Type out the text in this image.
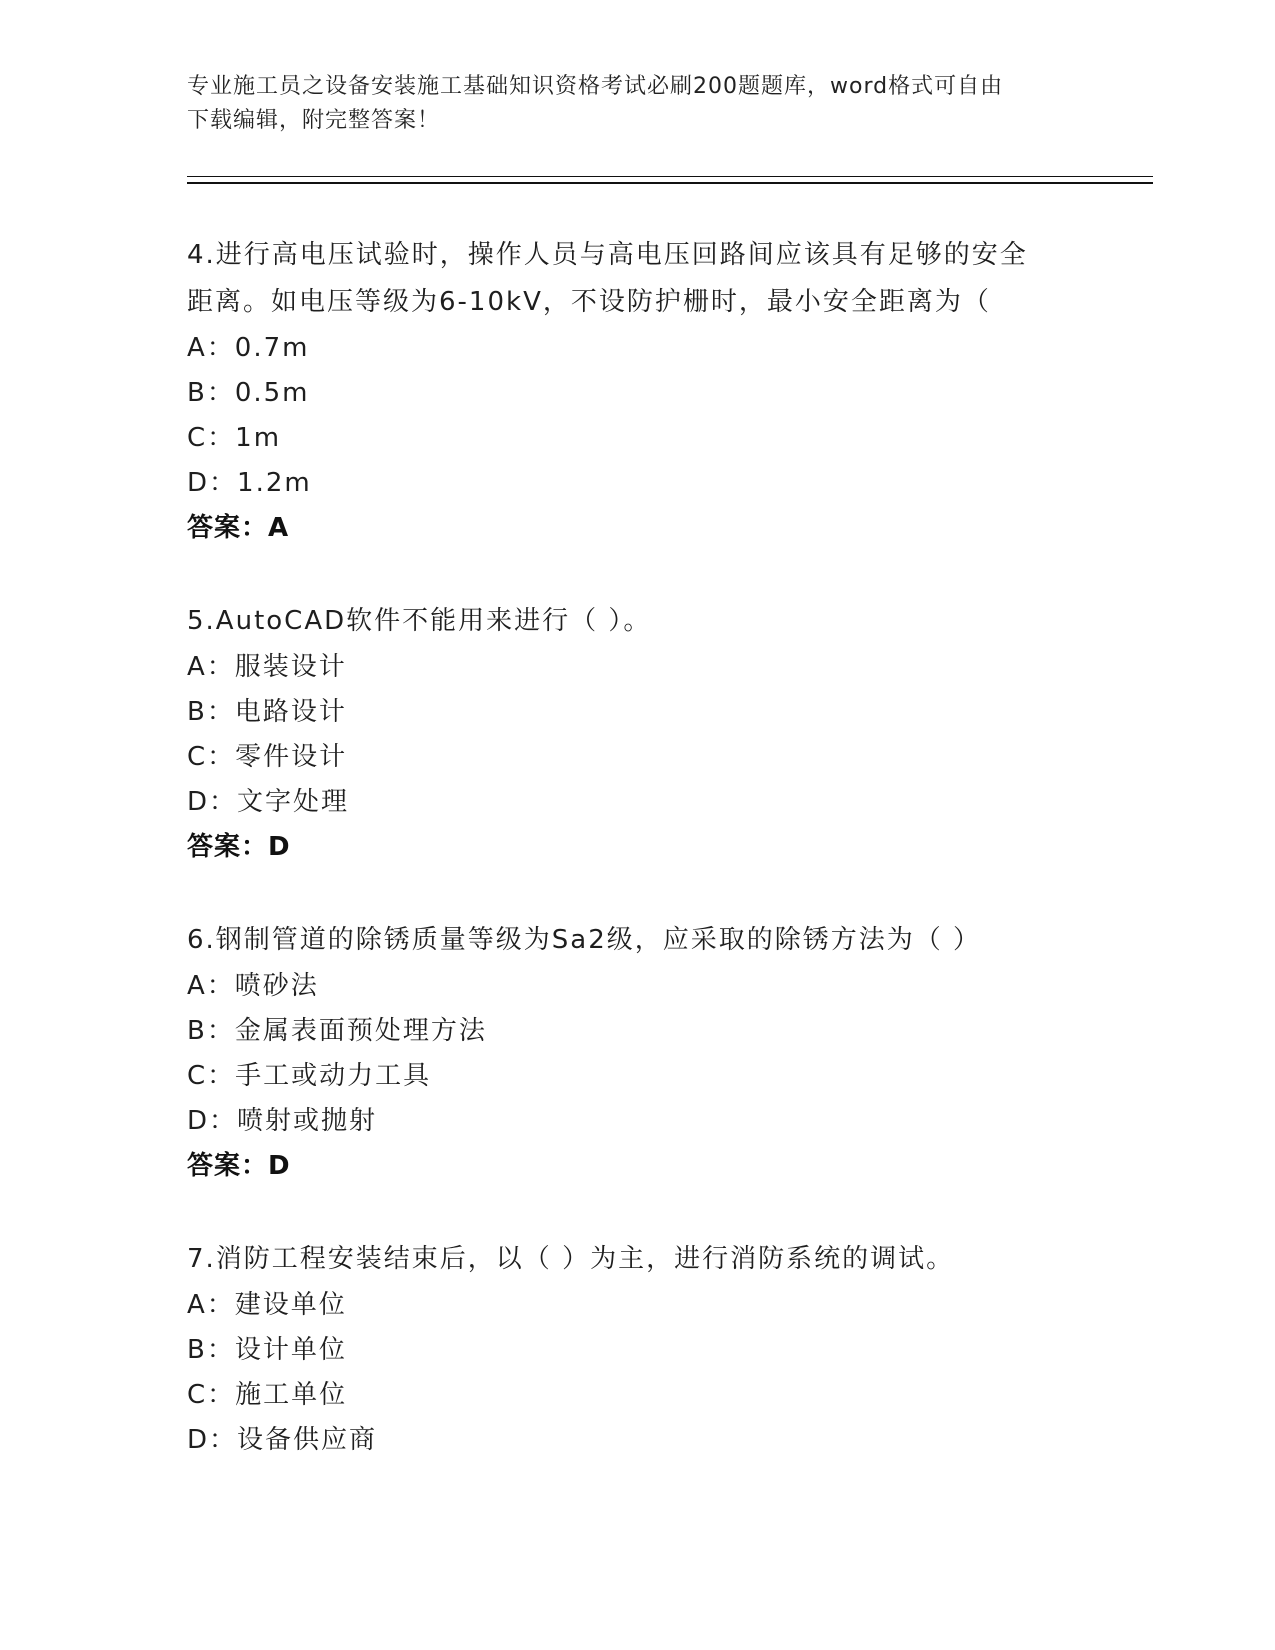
专业施工员之设备安装施工基础知识资格考试必刷200题题库，word格式可自由
下载编辑，附完整答案！
4.进行高电压试验时，操作人员与高电压回路间应该具有足够的安全
距离。如电压等级为6-10kV，不设防护栅时，最小安全距离为（
A：0.7m
B：0.5m
C：1m
D：1.2m
答案：A
5.AutoCAD软件不能用来进行（ ）。
A：服装设计
B：电路设计
C：零件设计
D：文字处理
答案：D
6.钢制管道的除锈质量等级为Sa2级，应采取的除锈方法为（ ）
A：喷砂法
B：金属表面预处理方法
C：手工或动力工具
D：喷射或抛射
答案：D
7.消防工程安装结束后，以（ ）为主，进行消防系统的调试。
A：建设单位
B：设计单位
C：施工单位
D：设备供应商
